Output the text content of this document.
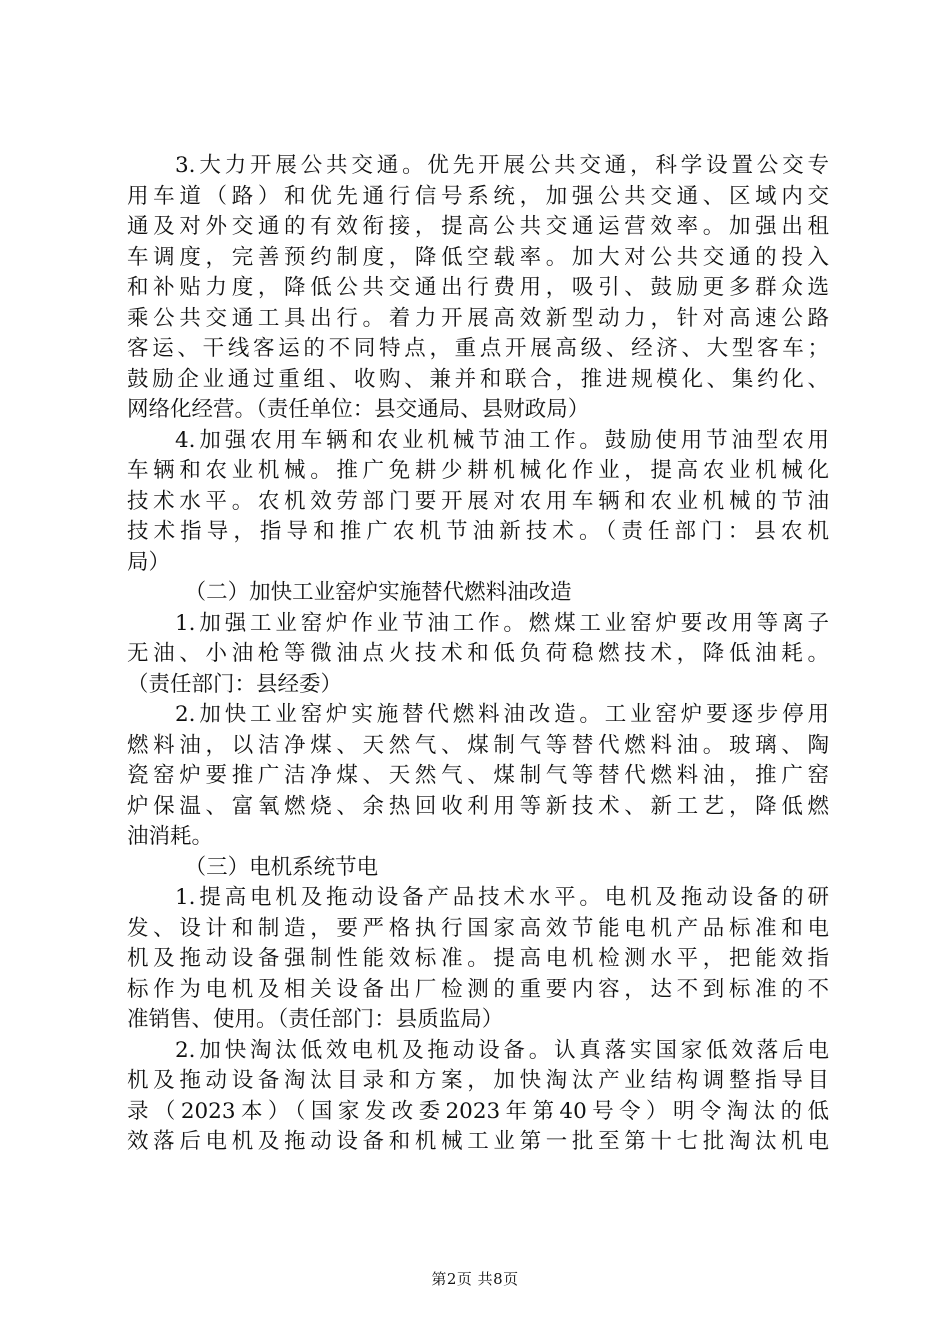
3.大力开展公共交通。优先开展公共交通，科学设置公交专
用车道（路）和优先通行信号系统，加强公共交通、区域内交
通及对外交通的有效衔接，提高公共交通运营效率。加强出租
车调度，完善预约制度，降低空载率。加大对公共交通的投入
和补贴力度，降低公共交通出行费用，吸引、鼓励更多群众选
乘公共交通工具出行。着力开展高效新型动力，针对高速公路
客运、干线客运的不同特点，重点开展高级、经济、大型客车；
鼓励企业通过重组、收购、兼并和联合，推进规模化、集约化、
网络化经营。（责任单位：县交通局、县财政局）
4.加强农用车辆和农业机械节油工作。鼓励使用节油型农用
车辆和农业机械。推广免耕少耕机械化作业，提高农业机械化
技术水平。农机效劳部门要开展对农用车辆和农业机械的节油
技术指导，指导和推广农机节油新技术。（责任部门：县农机
局）
（二）加快工业窑炉实施替代燃料油改造
1.加强工业窑炉作业节油工作。燃煤工业窑炉要改用等离子
无油、小油枪等微油点火技术和低负荷稳燃技术，降低油耗。
（责任部门：县经委）
2.加快工业窑炉实施替代燃料油改造。工业窑炉要逐步停用
燃料油，以洁净煤、天然气、煤制气等替代燃料油。玻璃、陶
瓷窑炉要推广洁净煤、天然气、煤制气等替代燃料油，推广窑
炉保温、富氧燃烧、余热回收利用等新技术、新工艺，降低燃
油消耗。
（三）电机系统节电
1.提高电机及拖动设备产品技术水平。电机及拖动设备的研
发、设计和制造，要严格执行国家高效节能电机产品标准和电
机及拖动设备强制性能效标准。提高电机检测水平，把能效指
标作为电机及相关设备出厂检测的重要内容，达不到标准的不
准销售、使用。（责任部门：县质监局）
2.加快淘汰低效电机及拖动设备。认真落实国家低效落后电
机及拖动设备淘汰目录和方案，加快淘汰产业结构调整指导目
录（2023本）（国家发改委2023年第40号令）明令淘汰的低
效落后电机及拖动设备和机械工业第一批至第十七批淘汰机电
第2页 共8页
